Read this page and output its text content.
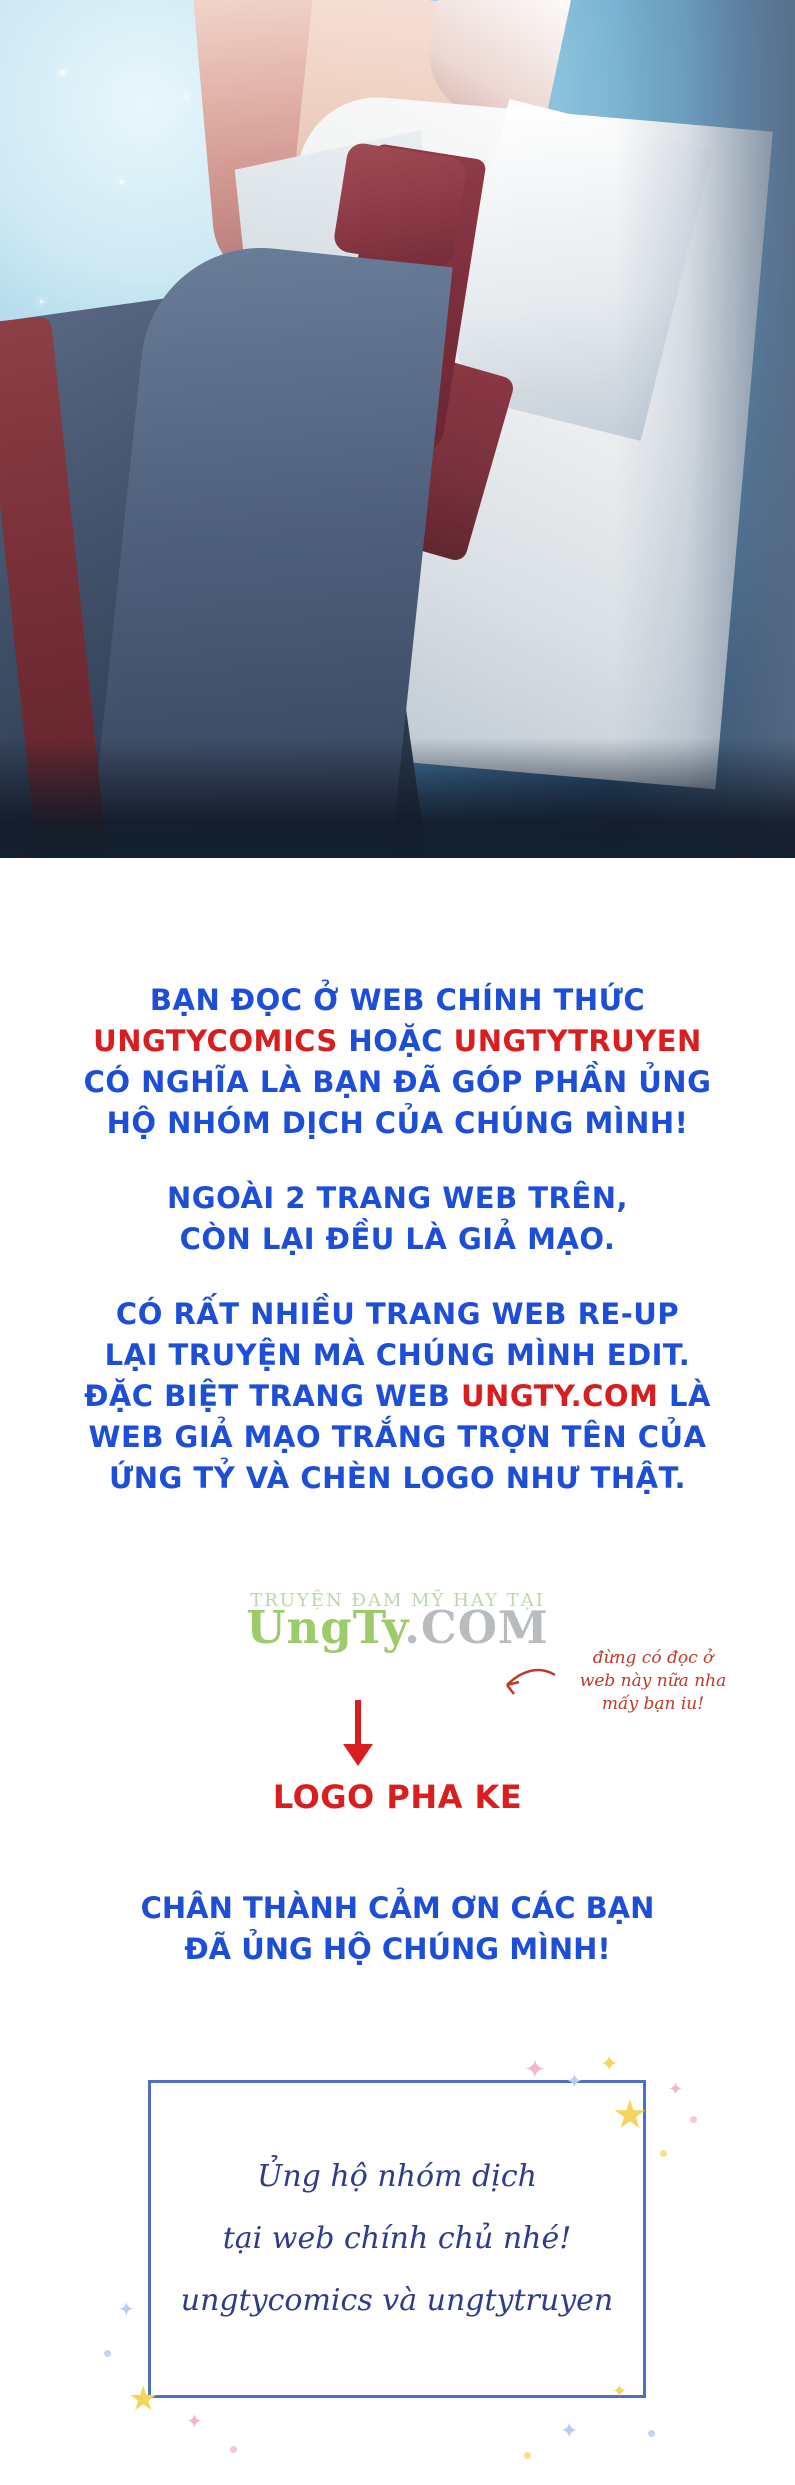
BẠN ĐỌC Ở WEB CHÍNH THỨC
UNGTYCOMICS HOẶC UNGTYTRUYEN
CÓ NGHĨA LÀ BẠN ĐÃ GÓP PHẦN ỦNG
HỘ NHÓM DỊCH CỦA CHÚNG MÌNH!

NGOÀI 2 TRANG WEB TRÊN,
CÒN LẠI ĐỀU LÀ GIẢ MẠO.

CÓ RẤT NHIỀU TRANG WEB RE-UP
LẠI TRUYỆN MÀ CHÚNG MÌNH EDIT.
ĐẶC BIỆT TRANG WEB UNGTY.COM LÀ
WEB GIẢ MẠO TRẮNG TRỢN TÊN CỦA
ỨNG TỶ VÀ CHÈN LOGO NHƯ THẬT.

TRUYỆN ĐAM MỸ HAY TẠI
UngTy.COM
đừng có đọc ở
web này nữa nha
mấy bạn iu!
LOGO PHA KE
CHÂN THÀNH CẢM ƠN CÁC BẠN
ĐÃ ỦNG HỘ CHÚNG MÌNH!
Ủng hộ nhóm dịch
tại web chính chủ nhé!
ungtycomics và ungtytruyen
✦ ✦
✦
★
✦
✦
★
✦	✦
✦
